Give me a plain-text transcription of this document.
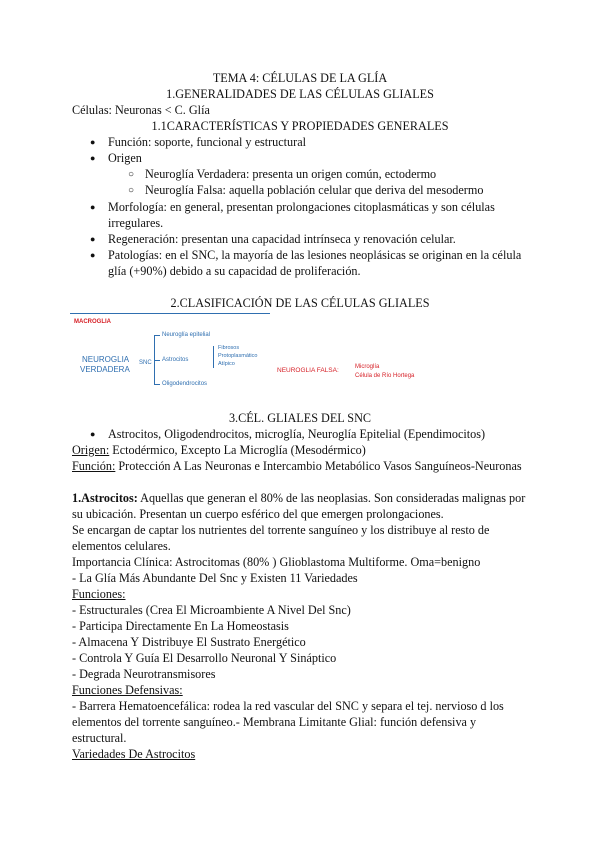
TEMA 4: CÉLULAS DE LA GLÍA
1.GENERALIDADES DE LAS CÉLULAS GLIALES
Células: Neuronas < C. Glía
1.1CARACTERÍSTICAS Y PROPIEDADES GENERALES
● Función: soporte, funcional y estructural
● Origen
○ Neuroglía Verdadera: presenta un origen común, ectodermo
○ Neuroglía Falsa: aquella población celular que deriva del mesodermo
● Morfología: en general, presentan prolongaciones citoplasmáticas y son células
irregulares.
● Regeneración: presentan una capacidad intrínseca y renovación celular.
● Patologías: en el SNC, la mayoría de las lesiones neoplásicas se originan en la célula
glía (+90%) debido a su capacidad de proliferación.
2.CLASIFICACIÓN DE LAS CÉLULAS GLIALES
MACROGLIA
NEUROGLIA
VERDADERA
SNC
Neuroglía epitelial
Astrocitos
Oligodendrocitos
Fibrosos
Protoplasmático
Atípico
NEUROGLIA FALSA:	Microglía
Célula de Río Hortega
3.CÉL. GLIALES DEL SNC
● Astrocitos, Oligodendrocitos, microglía, Neuroglía Epitelial (Ependimocitos)
Origen: Ectodérmico, Excepto La Microglía (Mesodérmico)
Función: Protección A Las Neuronas e Intercambio Metabólico Vasos Sanguíneos-Neuronas
1.Astrocitos: Aquellas que generan el 80% de las neoplasias. Son consideradas malignas por
su ubicación. Presentan un cuerpo esférico del que emergen prolongaciones.
Se encargan de captar los nutrientes del torrente sanguíneo y los distribuye al resto de
elementos celulares.
Importancia Clínica: Astrocitomas (80% ) Glioblastoma Multiforme. Oma=benigno
- La Glía Más Abundante Del Snc y Existen 11 Variedades
Funciones:
- Estructurales (Crea El Microambiente A Nivel Del Snc)
- Participa Directamente En La Homeostasis
- Almacena Y Distribuye El Sustrato Energético
- Controla Y Guía El Desarrollo Neuronal Y Sináptico
- Degrada Neurotransmisores
Funciones Defensivas:
- Barrera Hematoencefálica: rodea la red vascular del SNC y separa el tej. nervioso d los
elementos del torrente sanguíneo.- Membrana Limitante Glial: función defensiva y
estructural.
Variedades De Astrocitos
